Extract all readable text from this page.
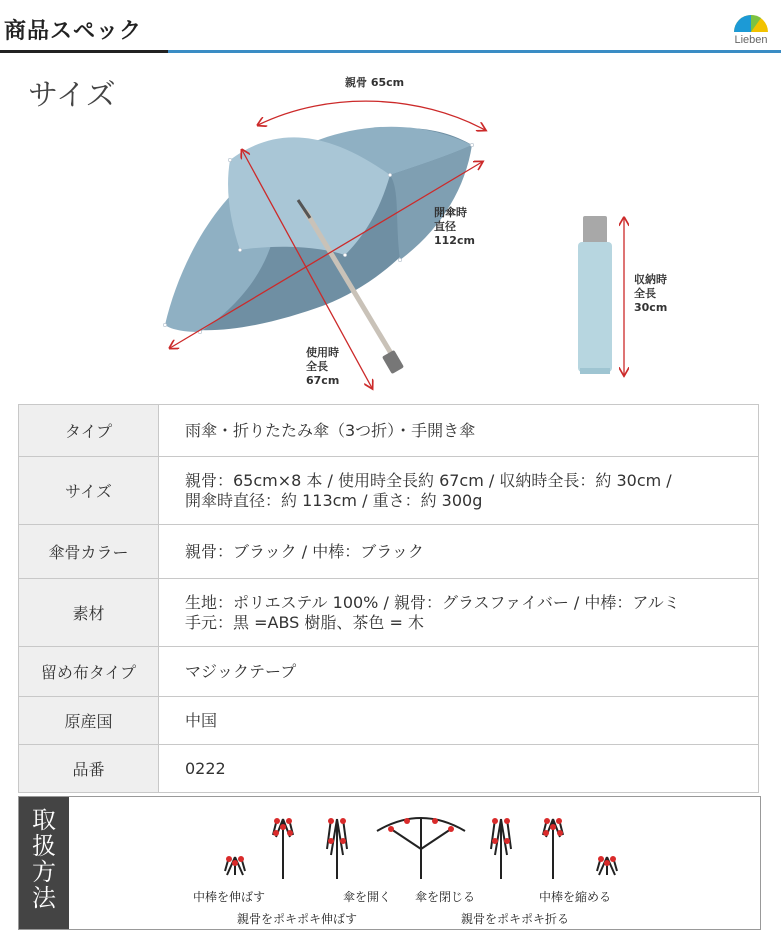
商品スペック	Lieben
サイズ	親骨 65cm
開傘時
直径
112cm
使用時
全長
67cm
収納時
全長
30cm
タイプ	雨傘・折りたたみ傘（3つ折）・手開き傘

サイズ	親骨：65cm×8 本 / 使用時全長約 67cm / 収納時全長：約 30cm /
開傘時直径：約 113cm / 重さ：約 300g

傘骨カラー	親骨：ブラック / 中棒：ブラック

素材	生地：ポリエステル 100% / 親骨：グラスファイバー / 中棒：アルミ
手元：黒 =ABS 樹脂、茶色 = 木

留め布タイプ	マジックテープ

原産国	中国

品番	0222
取
扱
方
法	中棒を伸ばす	傘を開く 傘を閉じる	中棒を縮める
親骨をポキポキ伸ばす	親骨をポキポキ折る
